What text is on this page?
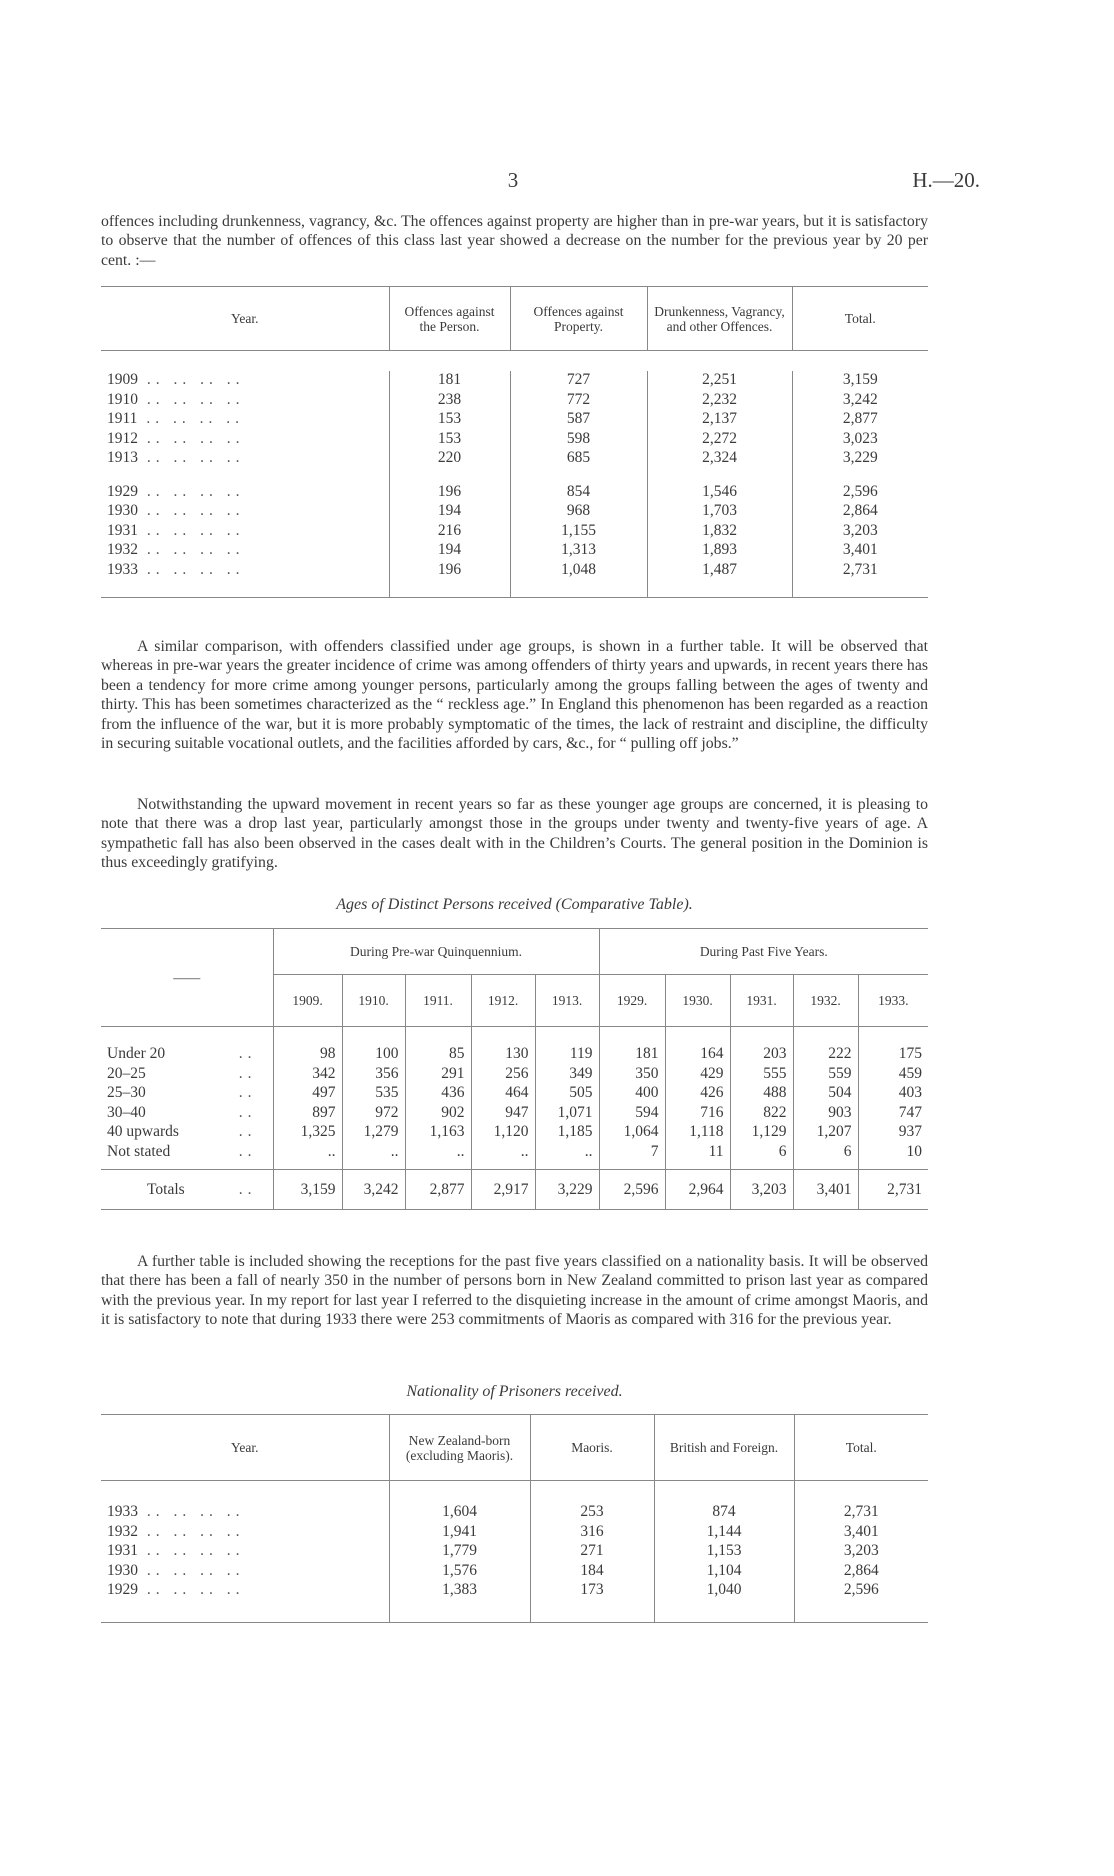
3	H.—20.

offences including drunkenness, vagrancy, &c. The offences against property are higher than in pre-war years, but it is satisfactory to observe that the number of offences of this class last year showed a decrease on the number for the previous year by 20 per cent. :—

Year.	Offences against the Person.	Offences against Property.	Drunkenness, Vagrancy, and other Offences.	Total.

1909 .. .. .. ..	181	727	2,251	3,159
1910 .. .. .. ..	238	772	2,232	3,242
1911 .. .. .. ..	153	587	2,137	2,877
1912 .. .. .. ..	153	598	2,272	3,023
1913 .. .. .. ..	220	685	2,324	3,229

1929 .. .. .. ..	196	854	1,546	2,596
1930 .. .. .. ..	194	968	1,703	2,864
1931 .. .. .. ..	216	1,155	1,832	3,203
1932 .. .. .. ..	194	1,313	1,893	3,401
1933 .. .. .. ..	196	1,048	1,487	2,731

A similar comparison, with offenders classified under age groups, is shown in a further table. It will be observed that whereas in pre-war years the greater incidence of crime was among offenders of thirty years and upwards, in recent years there has been a tendency for more crime among younger persons, particularly among the groups falling between the ages of twenty and thirty. This has been sometimes characterized as the “ reckless age.” In England this phenomenon has been regarded as a reaction from the influence of the war, but it is more probably symptomatic of the times, the lack of restraint and discipline, the difficulty in securing suitable vocational outlets, and the facilities afforded by cars, &c., for “ pulling off jobs.”

Notwithstanding the upward movement in recent years so far as these younger age groups are concerned, it is pleasing to note that there was a drop last year, particularly amongst those in the groups under twenty and twenty-five years of age. A sympathetic fall has also been observed in the cases dealt with in the Children’s Courts. The general position in the Dominion is thus exceedingly gratifying.

Ages of Distinct Persons received (Comparative Table).

——	During Pre-war Quinquennium.					During Past Five Years.				
	1909.	1910.	1911.	1912.	1913.	1929.	1930.	1931.	1932.	1933.

Under 20 ..	98	100	85	130	119	181	164	203	222	175
20–25 ..	342	356	291	256	349	350	429	555	559	459
25–30 ..	497	535	436	464	505	400	426	488	504	403
30–40 ..	897	972	902	947	1,071	594	716	822	903	747
40 upwards ..	1,325	1,279	1,163	1,120	1,185	1,064	1,118	1,129	1,207	937
Not stated ..	..	..	..	..	..	7	11	6	6	10

Totals ..	3,159	3,242	2,877	2,917	3,229	2,596	2,964	3,203	3,401	2,731

A further table is included showing the receptions for the past five years classified on a nationality basis. It will be observed that there has been a fall of nearly 350 in the number of persons born in New Zealand committed to prison last year as compared with the previous year. In my report for last year I referred to the disquieting increase in the amount of crime amongst Maoris, and it is satisfactory to note that during 1933 there were 253 commitments of Maoris as compared with 316 for the previous year.

Nationality of Prisoners received.

Year.	New Zealand-born (excluding Maoris).	Maoris.	British and Foreign.	Total.

1933 .. .. .. ..	1,604	253	874	2,731
1932 .. .. .. ..	1,941	316	1,144	3,401
1931 .. .. .. ..	1,779	271	1,153	3,203
1930 .. .. .. ..	1,576	184	1,104	2,864
1929 .. .. .. ..	1,383	173	1,040	2,596
